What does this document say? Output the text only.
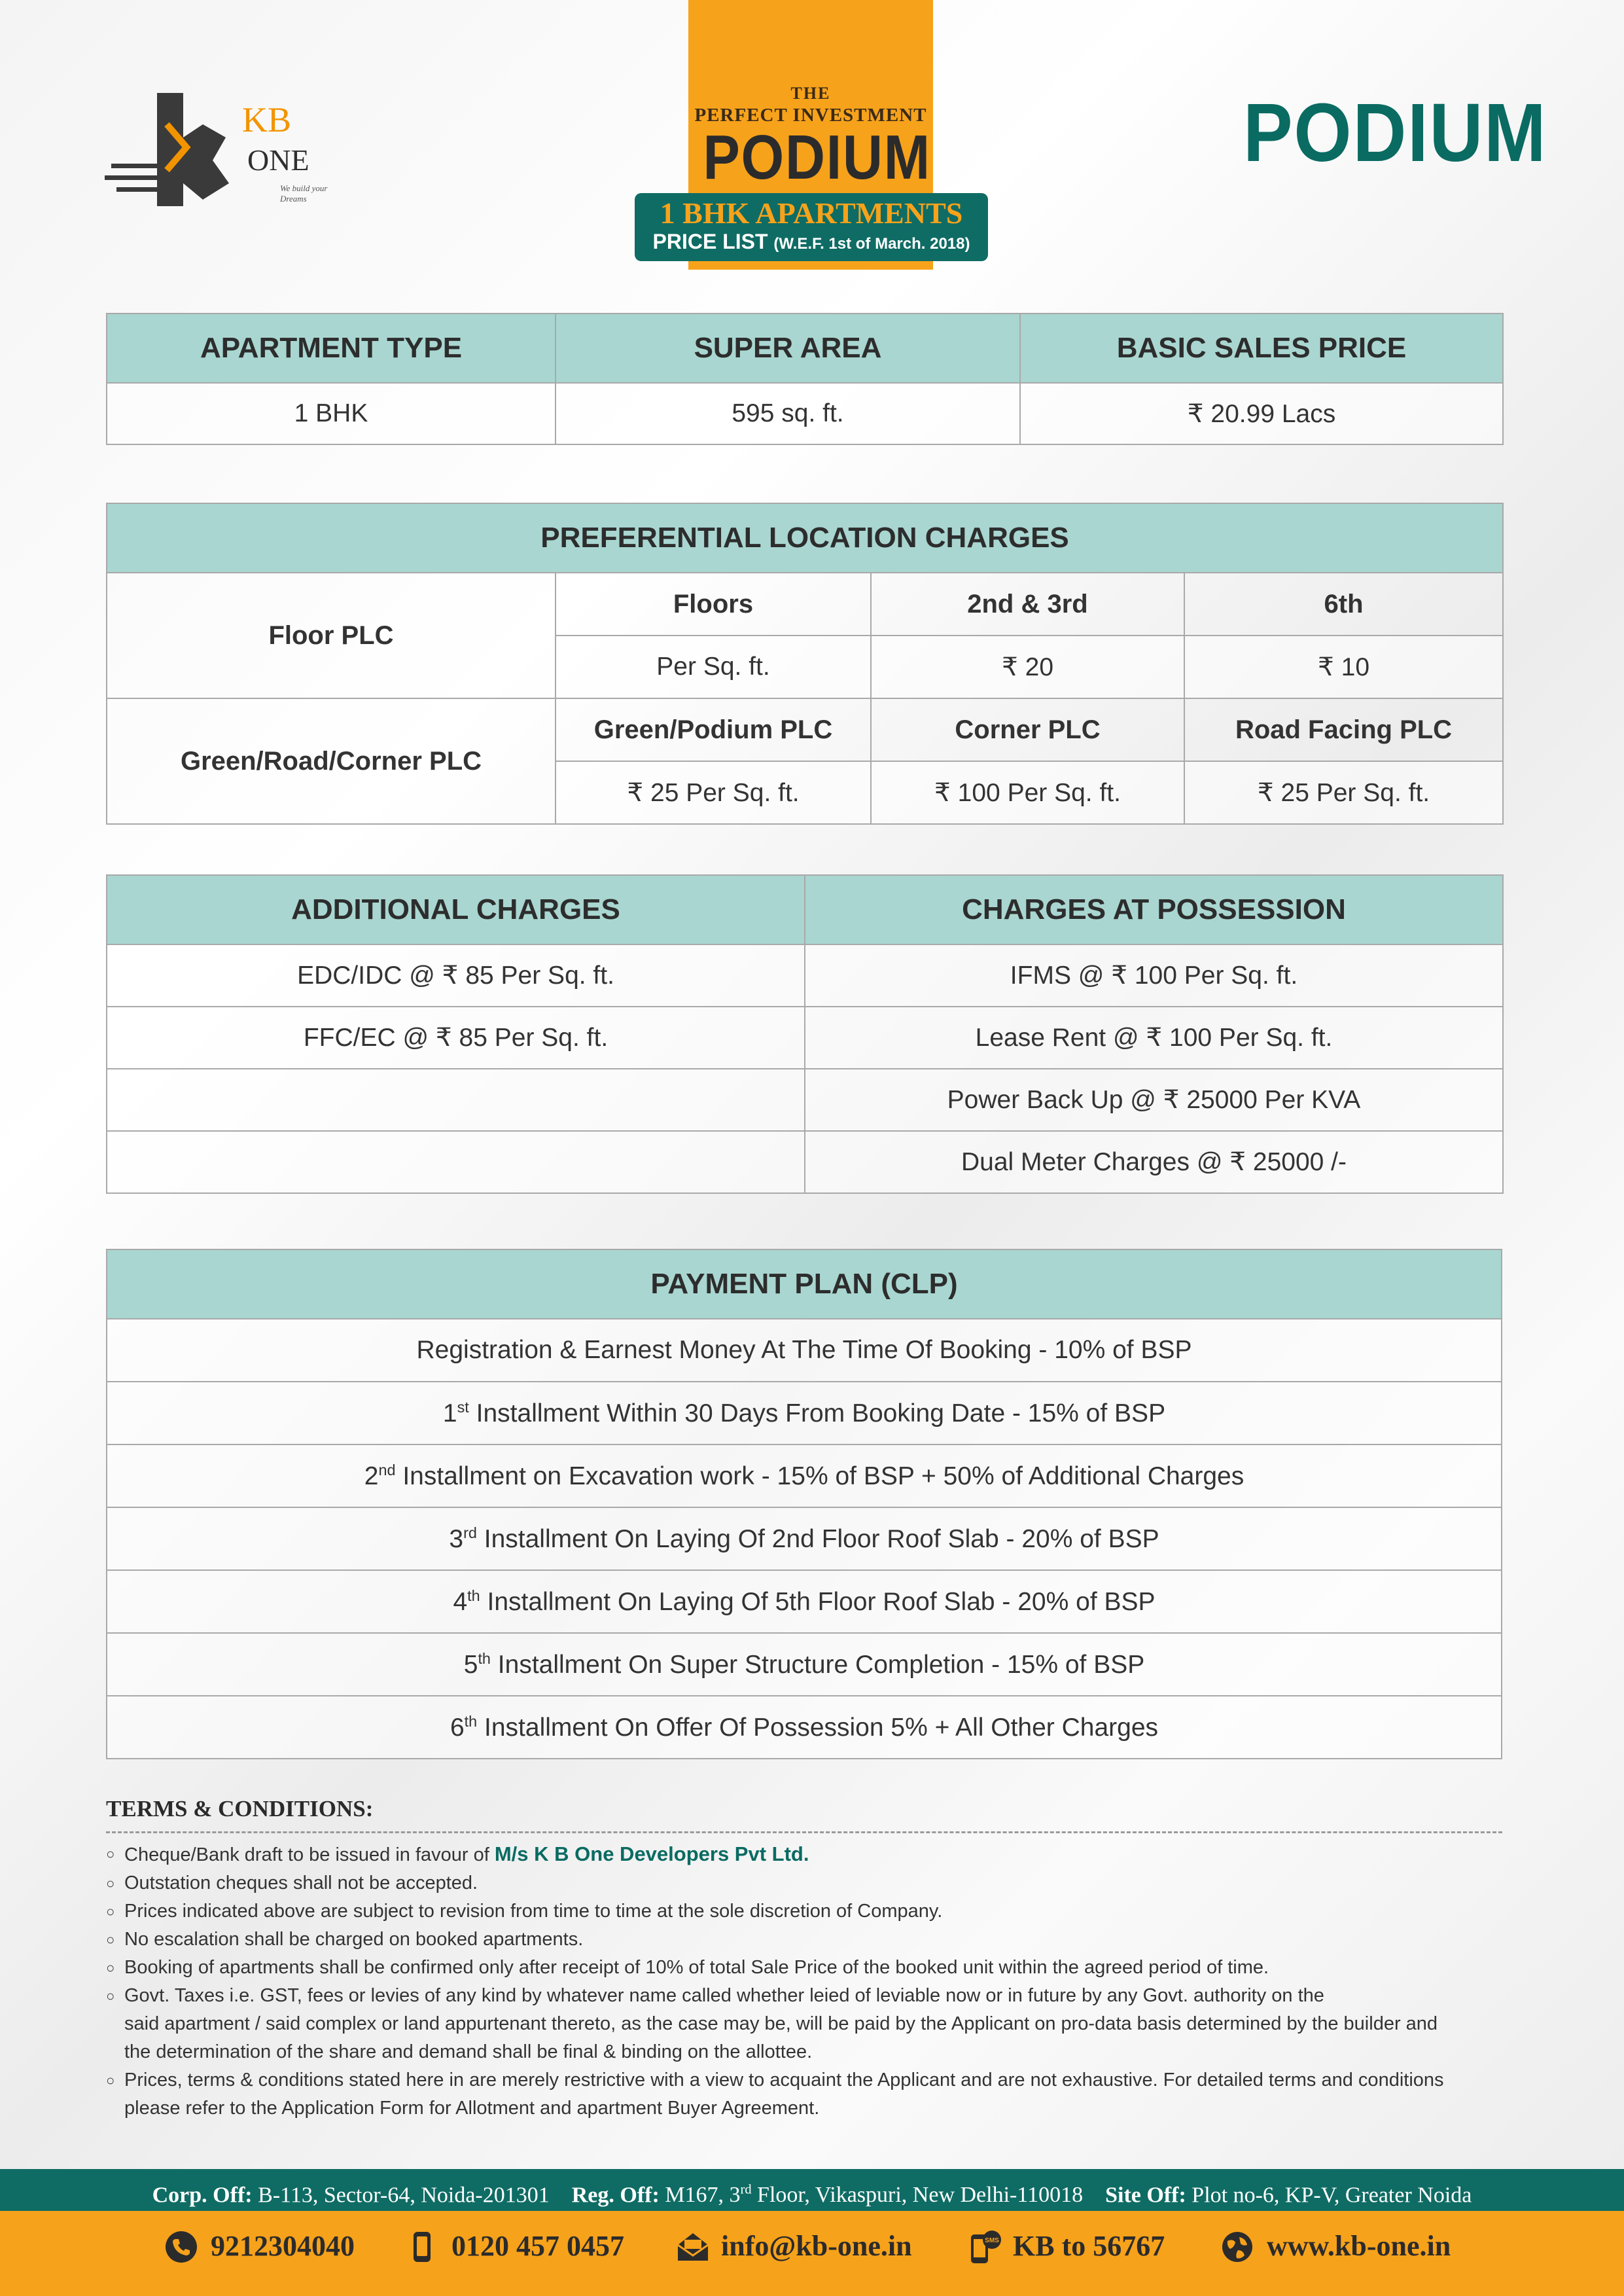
KB
ONE
We build your Dreams
THE
PERFECT INVESTMENT
PODIUM
1 BHK APARTMENTS
PRICE LIST (W.E.F. 1st of March. 2018)
PODIUM
APARTMENT TYPE	SUPER AREA	BASIC SALES PRICE
1 BHK	595 sq. ft.	₹ 20.99 Lacs
PREFERENTIAL LOCATION CHARGES			
Floor PLC	Floors	2nd & 3rd	6th
	Per Sq. ft.	₹ 20	₹ 10
Green/Road/Corner PLC	Green/Podium PLC	Corner PLC	Road Facing PLC
	₹ 25 Per Sq. ft.	₹ 100 Per Sq. ft.	₹ 25 Per Sq. ft.
ADDITIONAL CHARGES	CHARGES AT POSSESSION
EDC/IDC @ ₹ 85 Per Sq. ft.	IFMS @ ₹ 100 Per Sq. ft.
FFC/EC @ ₹ 85 Per Sq. ft.	Lease Rent @ ₹ 100 Per Sq. ft.
	Power Back Up @ ₹ 25000 Per KVA
	Dual Meter Charges @ ₹ 25000 /-
PAYMENT PLAN (CLP)
Registration & Earnest Money At The Time Of Booking - 10% of BSP
1st Installment Within 30 Days From Booking Date - 15% of BSP
2nd Installment on Excavation work - 15% of BSP + 50% of Additional Charges
3rd Installment On Laying Of 2nd Floor Roof Slab - 20% of BSP
4th Installment On Laying Of 5th Floor Roof Slab - 20% of BSP
5th Installment On Super Structure Completion - 15% of BSP
6th Installment On Offer Of Possession 5% + All Other Charges
TERMS & CONDITIONS:
○ Cheque/Bank draft to be issued in favour of M/s K B One Developers Pvt Ltd.
○ Outstation cheques shall not be accepted.
○ Prices indicated above are subject to revision from time to time at the sole discretion of Company.
○ No escalation shall be charged on booked apartments.
○ Booking of apartments shall be confirmed only after receipt of 10% of total Sale Price of the booked unit within the agreed period of time.
○ Govt. Taxes i.e. GST, fees or levies of any kind by whatever name called whether leied of leviable now or in future by any Govt. authority on the
said apartment / said complex or land appurtenant thereto, as the case may be, will be paid by the Applicant on pro-data basis determined by the builder and
the determination of the share and demand shall be final & binding on the allottee.
○ Prices, terms & conditions stated here in are merely restrictive with a view to acquaint the Applicant and are not exhaustive. For detailed terms and conditions
please refer to the Application Form for Allotment and apartment Buyer Agreement.
Corp. Off: B-113, Sector-64, Noida-201301 Reg. Off: M167, 3rd Floor, Vikaspuri, New Delhi-110018 Site Off: Plot no-6, KP-V, Greater Noida
9212304040	0120 457 0457	info@kb-one.in	SMS KB to 56767	www.kb-one.in
